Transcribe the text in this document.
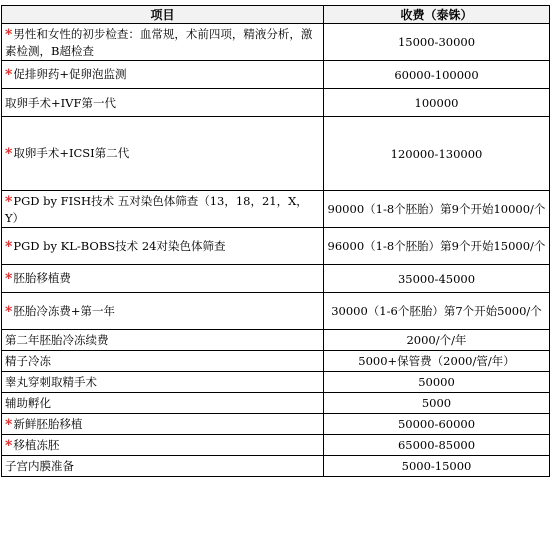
项目	收费（泰铢）
*男性和女性的初步检查：血常规，术前四项，精液分析，激素检测，B超检查	15000-30000
*促排卵药+促卵泡监测	60000-100000
取卵手术+IVF第一代	100000
*取卵手术+ICSI第二代	120000-130000
*PGD by FISH技术 五对染色体筛查（13，18，21，X，Y）	90000（1-8个胚胎）第9个开始10000/个
*PGD by KL-BOBS技术 24对染色体筛查	96000（1-8个胚胎）第9个开始15000/个
*胚胎移植费	35000-45000
*胚胎冷冻费+第一年	30000（1-6个胚胎）第7个开始5000/个
第二年胚胎冷冻续费	2000/个/年
精子冷冻	5000+保管费（2000/管/年）
睾丸穿刺取精手术	50000
辅助孵化	5000
*新鲜胚胎移植	50000-60000
*移植冻胚	65000-85000
子宫内膜准备	5000-15000
